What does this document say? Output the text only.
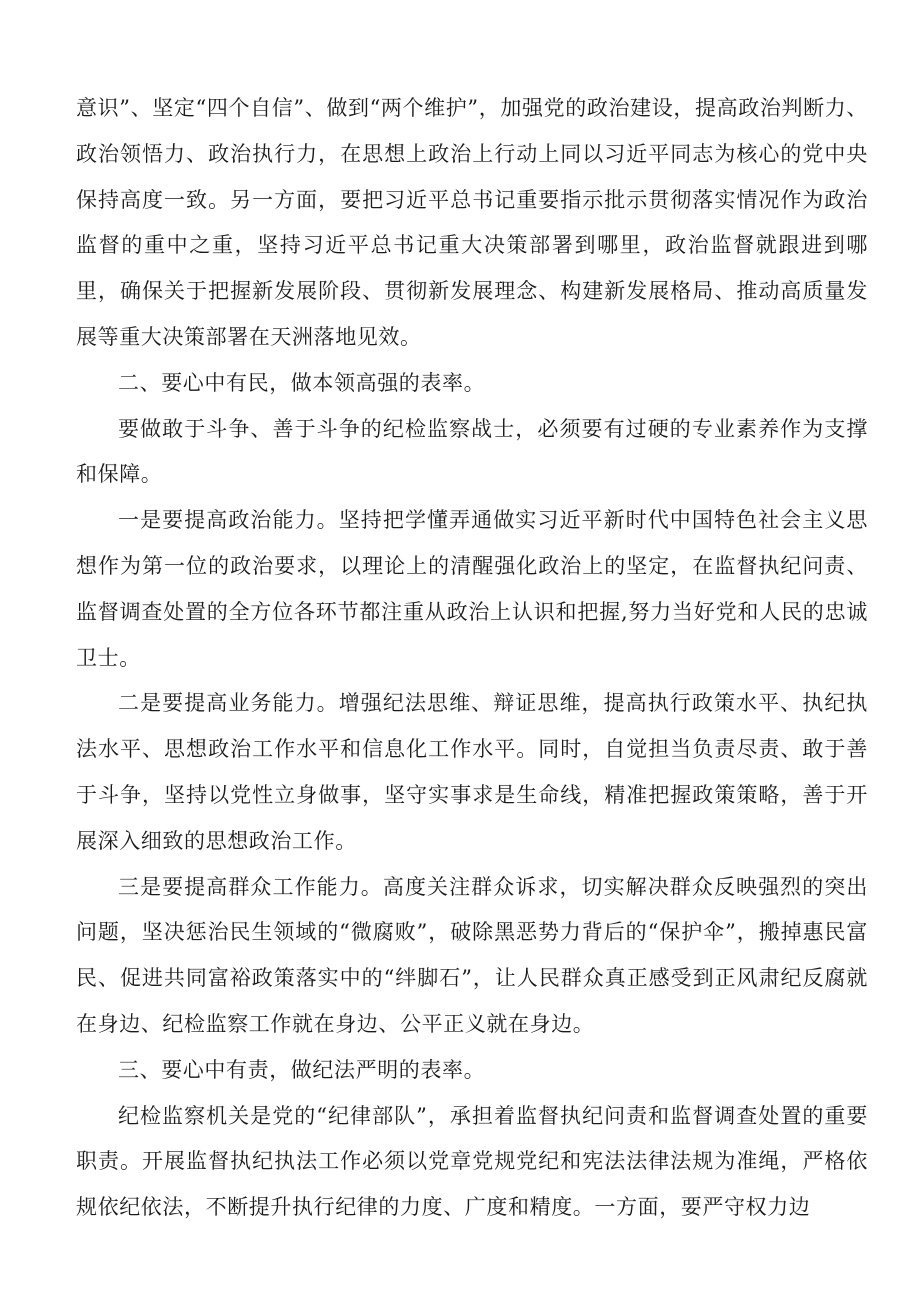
意识”、坚定“四个自信”、做到“两个维护”，加强党的政治建设，提高政治判断力、政治领悟力、政治执行力，在思想上政治上行动上同以习近平同志为核心的党中央保持高度一致。另一方面，要把习近平总书记重要指示批示贯彻落实情况作为政治监督的重中之重，坚持习近平总书记重大决策部署到哪里，政治监督就跟进到哪里，确保关于把握新发展阶段、贯彻新发展理念、构建新发展格局、推动高质量发展等重大决策部署在天洲落地见效。

二、要心中有民，做本领高强的表率。

要做敢于斗争、善于斗争的纪检监察战士，必须要有过硬的专业素养作为支撑和保障。

一是要提高政治能力。坚持把学懂弄通做实习近平新时代中国特色社会主义思想作为第一位的政治要求，以理论上的清醒强化政治上的坚定，在监督执纪问责、监督调查处置的全方位各环节都注重从政治上认识和把握,努力当好党和人民的忠诚卫士。

二是要提高业务能力。增强纪法思维、辩证思维，提高执行政策水平、执纪执法水平、思想政治工作水平和信息化工作水平。同时，自觉担当负责尽责、敢于善于斗争，坚持以党性立身做事，坚守实事求是生命线，精准把握政策策略，善于开展深入细致的思想政治工作。

三是要提高群众工作能力。高度关注群众诉求，切实解决群众反映强烈的突出问题，坚决惩治民生领域的“微腐败”，破除黑恶势力背后的“保护伞”，搬掉惠民富民、促进共同富裕政策落实中的“绊脚石”，让人民群众真正感受到正风肃纪反腐就在身边、纪检监察工作就在身边、公平正义就在身边。

三、要心中有责，做纪法严明的表率。

纪检监察机关是党的“纪律部队”，承担着监督执纪问责和监督调查处置的重要职责。开展监督执纪执法工作必须以党章党规党纪和宪法法律法规为准绳，严格依规依纪依法，不断提升执行纪律的力度、广度和精度。一方面，要严守权力边
